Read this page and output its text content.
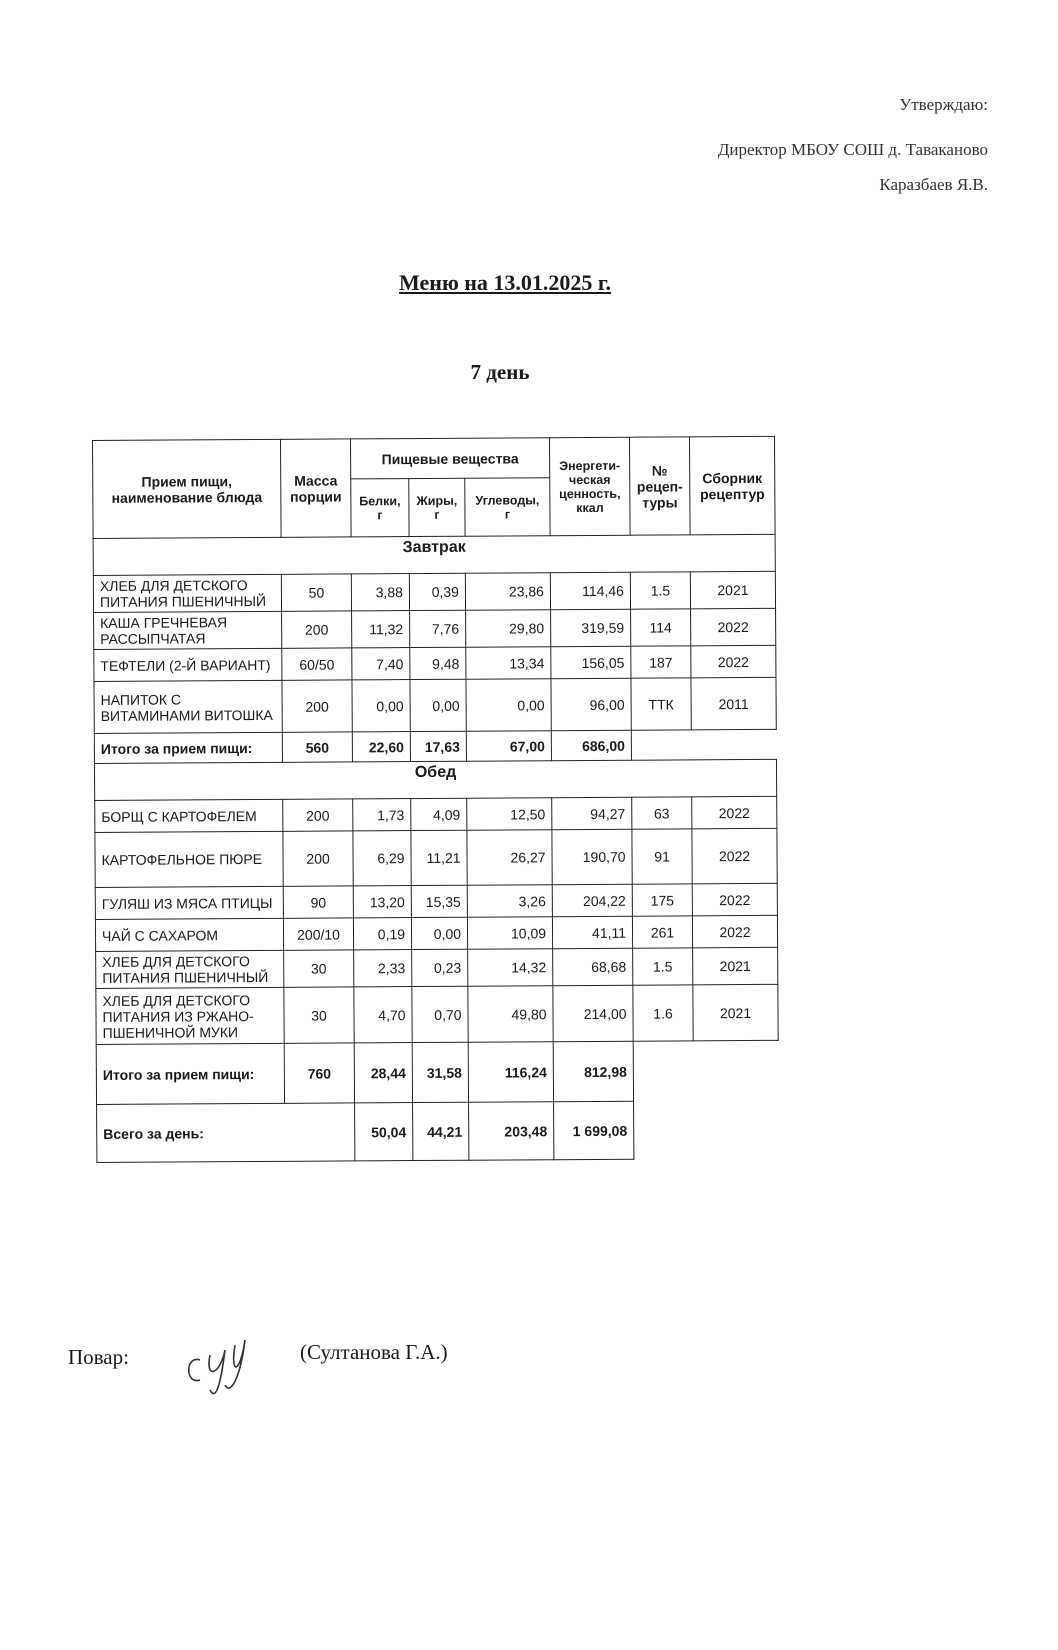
Утверждаю:
Директор МБОУ СОШ д. Таваканово
Каразбаев Я.В.
Меню на 13.01.2025 г.
7 день
Прием пищи, наименование блюда	Масса порции	Пищевые вещества			Энергети-ческая ценность, ккал	№ рецеп-туры	Сборник рецептур
		Белки, г	Жиры, г	Углеводы, г			
Завтрак							
ХЛЕБ ДЛЯ ДЕТСКОГО ПИТАНИЯ ПШЕНИЧНЫЙ	50	3,88	0,39	23,86	114,46	1.5	2021
КАША ГРЕЧНЕВАЯ РАССЫПЧАТАЯ	200	11,32	7,76	29,80	319,59	114	2022
ТЕФТЕЛИ (2-Й ВАРИАНТ)	60/50	7,40	9,48	13,34	156,05	187	2022
НАПИТОК С ВИТАМИНАМИ ВИТОШКА	200	0,00	0,00	0,00	96,00	ТТК	2011
Итого за прием пищи:	560	22,60	17,63	67,00	686,00		
Обед							
БОРЩ С КАРТОФЕЛЕМ	200	1,73	4,09	12,50	94,27	63	2022
КАРТОФЕЛЬНОЕ ПЮРЕ	200	6,29	11,21	26,27	190,70	91	2022
ГУЛЯШ ИЗ МЯСА ПТИЦЫ	90	13,20	15,35	3,26	204,22	175	2022
ЧАЙ С САХАРОМ	200/10	0,19	0,00	10,09	41,11	261	2022
ХЛЕБ ДЛЯ ДЕТСКОГО ПИТАНИЯ ПШЕНИЧНЫЙ	30	2,33	0,23	14,32	68,68	1.5	2021
ХЛЕБ ДЛЯ ДЕТСКОГО ПИТАНИЯ ИЗ РЖАНО-ПШЕНИЧНОЙ МУКИ	30	4,70	0,70	49,80	214,00	1.6	2021
Итого за прием пищи:	760	28,44	31,58	116,24	812,98		
Всего за день:		50,04	44,21	203,48	1 699,08		
Повар:	(Султанова Г.А.)
